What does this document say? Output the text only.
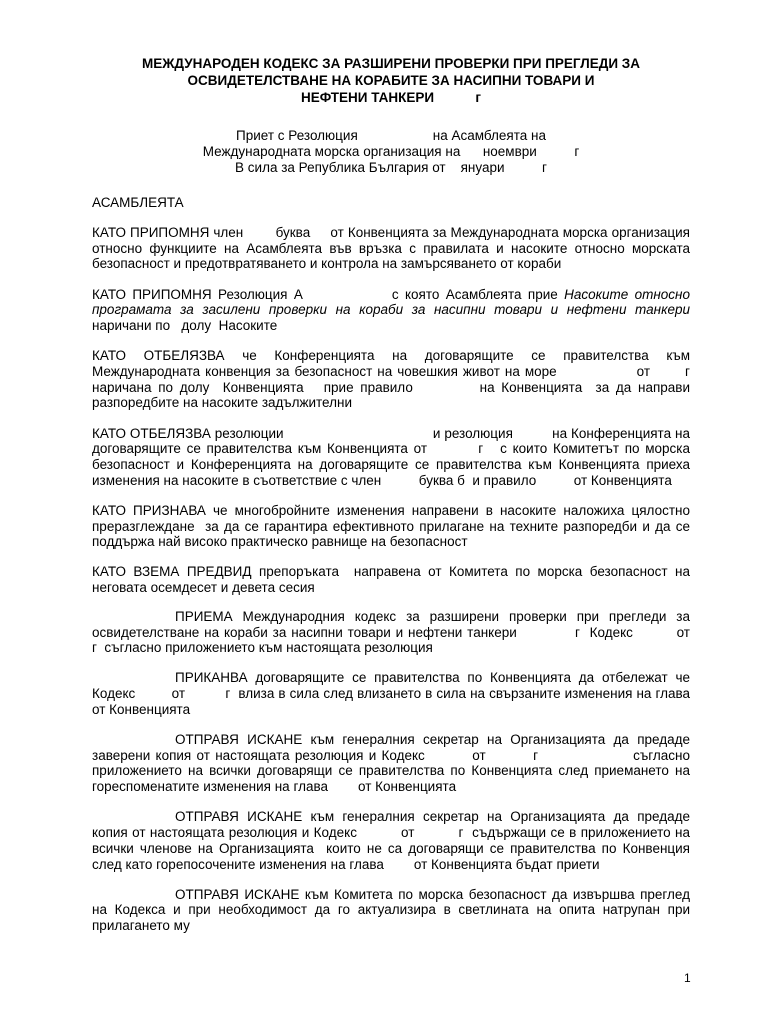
МЕЖДУНАРОДЕН КОДЕКС ЗА РАЗШИРЕНИ ПРОВЕРКИ ПРИ ПРЕГЛЕДИ ЗА
ОСВИДЕТЕЛСТВАНЕ НА КОРАБИТЕ ЗА НАСИПНИ ТОВАРИ И
НЕФТЕНИ ТАНКЕРИ           г
Приет с Резолюция                    на Асамблеята на
Международната морска организация на      ноември          г
В сила за Република България от    януари          г
АСАМБЛЕЯТА

КАТО ПРИПОМНЯ член        буква     от Конвенцията за Международната морска организация относно функциите на Асамблеята във връзка с правилата и насоките относно морската безопасност и предотвратяването и контрола на замърсяването от кораби

КАТО ПРИПОМНЯ Резолюция А              с която Асамблеята прие Насоките относно програмата за засилени проверки на кораби за насипни товари и нефтени танкери  наричани по   долу  Насоките

КАТО ОТБЕЛЯЗВА че Конференцията на договарящите се правителства към Международната конвенция за безопасност на човешкия живот на море                от       г   наричана по долу  Конвенцията   прие правило          на Конвенцията  за да направи разпоредбите на насоките задължителни

КАТО ОТБЕЛЯЗВА резолюции                                      и резолюция          на Конференцията на договарящите се правителства към Конвенцията от         г   с които Комитетът по морска безопасност и Конференцията на договарящите се правителства към Конвенцията приеха изменения на насоките в съответствие с член          буква б  и правило          от Конвенцията

КАТО ПРИЗНАВА че многобройните изменения направени в насоките наложиха цялостно преразглеждане  за да се гарантира ефективното прилагане на техните разпоредби и да се поддържа най високо практическо равнище на безопасност

КАТО ВЗЕМА ПРЕДВИД препоръката  направена от Комитета по морска безопасност на неговата осемдесет и девета сесия

ПРИЕМА Международния кодекс за разширени проверки при прегледи за освидетелстване на кораби за насипни товари и нефтени танкери            г  Кодекс         от         г  съгласно приложението към настоящата резолюция

ПРИКАНВА договарящите се правителства по Конвенцията да отбележат че Кодекс         от          г  влиза в сила след влизането в сила на свързаните изменения на глава         от Конвенцията

ОТПРАВЯ ИСКАНЕ към генералния секретар на Организацията да предаде заверени копия от настоящата резолюция и Кодекс         от         г                  съгласно приложението на всички договарящи се правителства по Конвенцията след приемането на гореспоменатите изменения на глава        от Конвенцията

ОТПРАВЯ ИСКАНЕ към генералния секретар на Организацията да предаде копия от настоящата резолюция и Кодекс          от          г  съдържащи се в приложението на всички членове на Организацията  които не са договарящи се правителства по Конвенция                след като горепосочените изменения на глава        от Конвенцията бъдат приети

ОТПРАВЯ ИСКАНЕ към Комитета по морска безопасност да извършва преглед на Кодекса и при необходимост да го актуализира в светлината на опита натрупан при прилагането му

1
